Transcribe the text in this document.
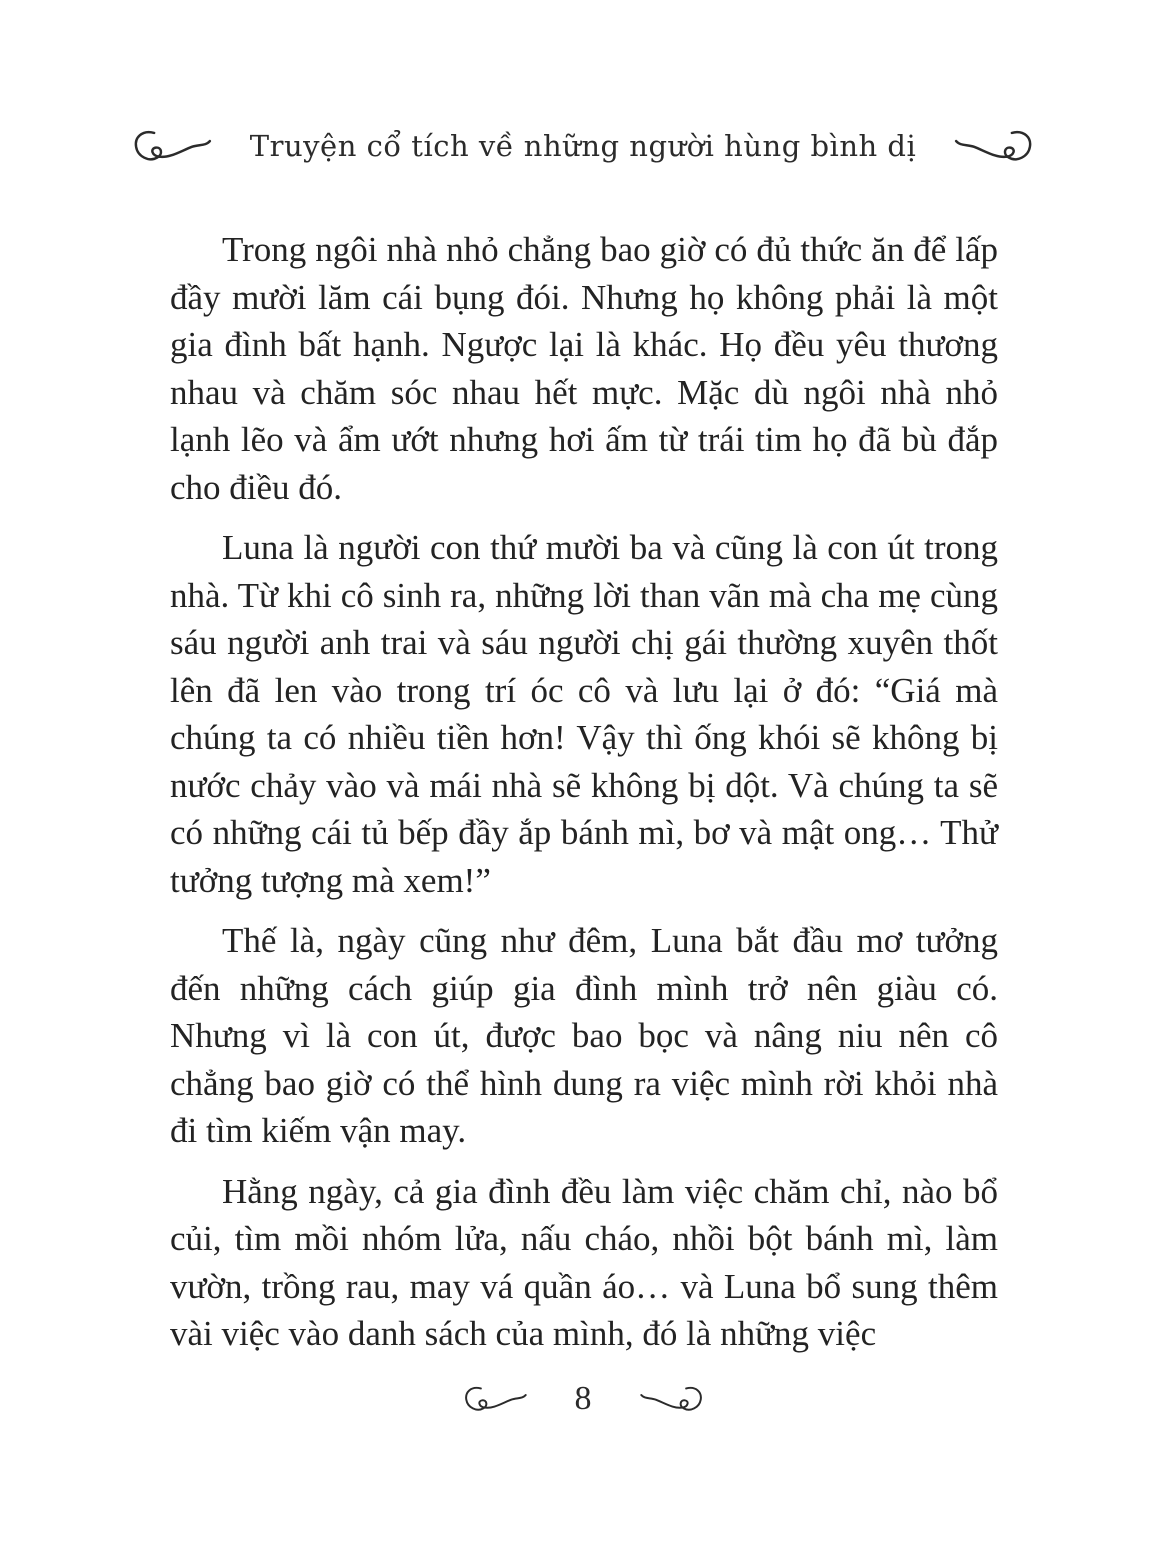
Truyện cổ tích về những người hùng bình dị

Trong ngôi nhà nhỏ chẳng bao giờ có đủ thức ăn để lấp đầy mười lăm cái bụng đói. Nhưng họ không phải là một gia đình bất hạnh. Ngược lại là khác. Họ đều yêu thương nhau và chăm sóc nhau hết mực. Mặc dù ngôi nhà nhỏ lạnh lẽo và ẩm ướt nhưng hơi ấm từ trái tim họ đã bù đắp cho điều đó.

Luna là người con thứ mười ba và cũng là con út trong nhà. Từ khi cô sinh ra, những lời than vãn mà cha mẹ cùng sáu người anh trai và sáu người chị gái thường xuyên thốt lên đã len vào trong trí óc cô và lưu lại ở đó: “Giá mà chúng ta có nhiều tiền hơn! Vậy thì ống khói sẽ không bị nước chảy vào và mái nhà sẽ không bị dột. Và chúng ta sẽ có những cái tủ bếp đầy ắp bánh mì, bơ và mật ong… Thử tưởng tượng mà xem!”

Thế là, ngày cũng như đêm, Luna bắt đầu mơ tưởng đến những cách giúp gia đình mình trở nên giàu có. Nhưng vì là con út, được bao bọc và nâng niu nên cô chẳng bao giờ có thể hình dung ra việc mình rời khỏi nhà đi tìm kiếm vận may.

Hằng ngày, cả gia đình đều làm việc chăm chỉ, nào bổ củi, tìm mồi nhóm lửa, nấu cháo, nhồi bột bánh mì, làm vườn, trồng rau, may vá quần áo… và Luna bổ sung thêm vài việc vào danh sách của mình, đó là những việc

8
